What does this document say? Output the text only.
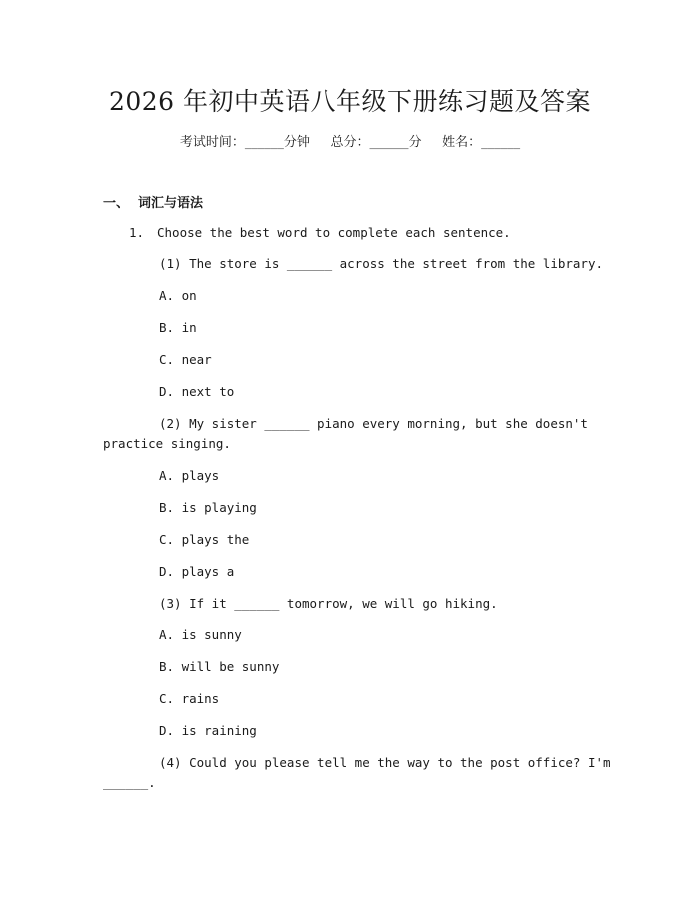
2026 年初中英语八年级下册练习题及答案
考试时间：______分钟     总分：______分     姓名：______
一、  词汇与语法
1. Choose the best word to complete each sentence.
(1) The store is ______ across the street from the library.
A. on
B. in
C. near
D. next to
(2) My sister ______ piano every morning, but she doesn't
practice singing.
A. plays
B. is playing
C. plays the
D. plays a
(3) If it ______ tomorrow, we will go hiking.
A. is sunny
B. will be sunny
C. rains
D. is raining
(4) Could you please tell me the way to the post office? I'm
______.
